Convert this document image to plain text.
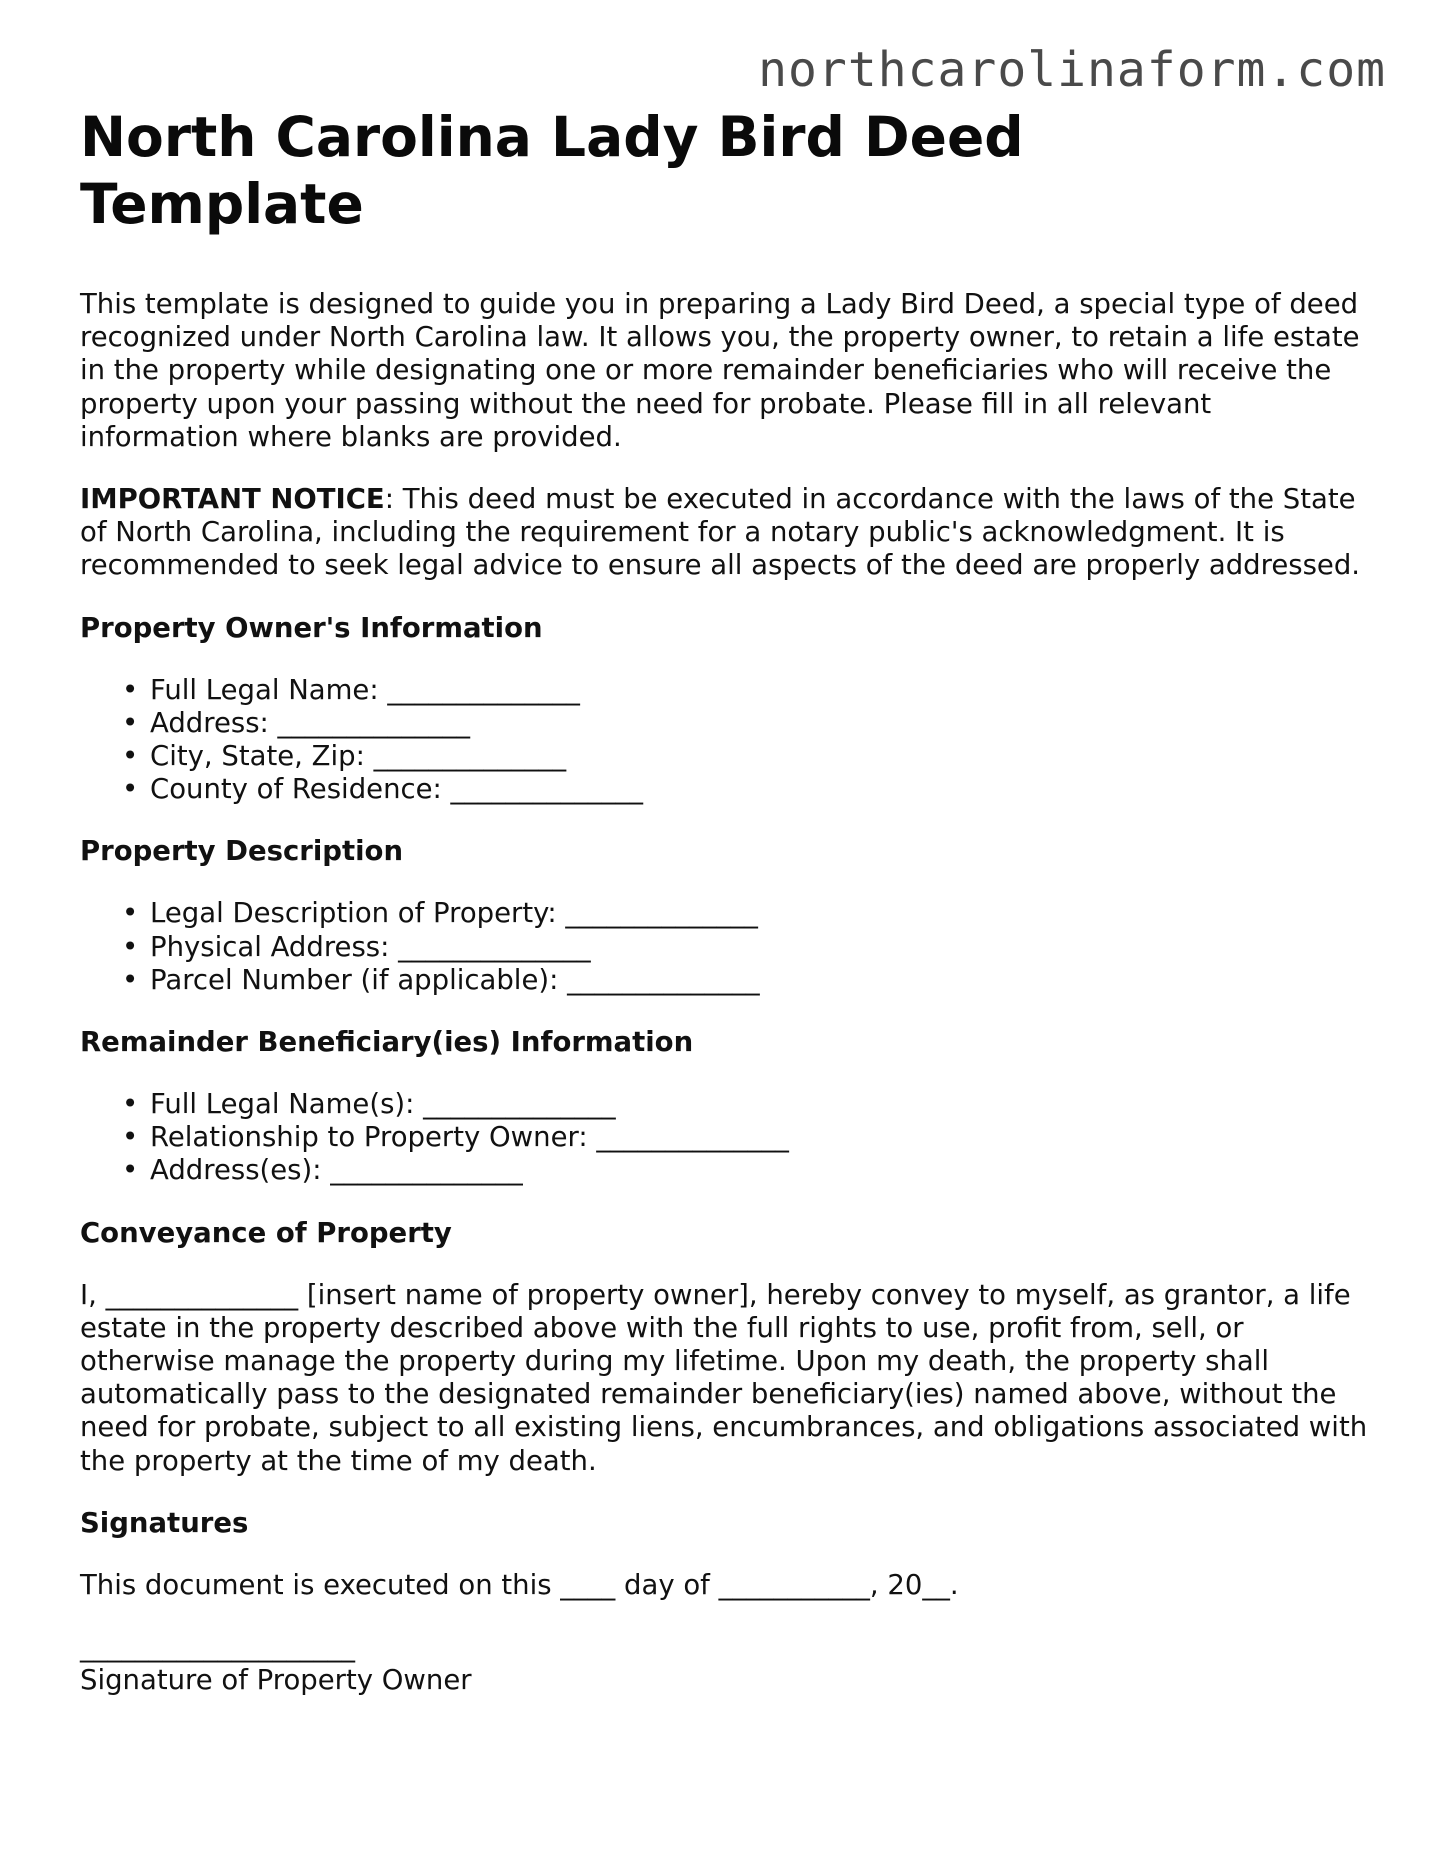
northcarolinaform.com
North Carolina Lady Bird Deed Template

This template is designed to guide you in preparing a Lady Bird Deed, a special type of deed recognized under North Carolina law. It allows you, the property owner, to retain a life estate in the property while designating one or more remainder beneficiaries who will receive the property upon your passing without the need for probate. Please fill in all relevant information where blanks are provided.

IMPORTANT NOTICE: This deed must be executed in accordance with the laws of the State of North Carolina, including the requirement for a notary public's acknowledgment. It is recommended to seek legal advice to ensure all aspects of the deed are properly addressed.

Property Owner's Information
• Full Legal Name: ______________
• Address: ______________
• City, State, Zip: ______________
• County of Residence: ______________
Property Description
• Legal Description of Property: ______________
• Physical Address: ______________
• Parcel Number (if applicable): ______________
Remainder Beneficiary(ies) Information
• Full Legal Name(s): ______________
• Relationship to Property Owner: ______________
• Address(es): ______________
Conveyance of Property

I, ______________ [insert name of property owner], hereby convey to myself, as grantor, a life estate in the property described above with the full rights to use, profit from, sell, or otherwise manage the property during my lifetime. Upon my death, the property shall automatically pass to the designated remainder beneficiary(ies) named above, without the need for probate, subject to all existing liens, encumbrances, and obligations associated with the property at the time of my death.

Signatures

This document is executed on this ____ day of ___________, 20__.

____________________

Signature of Property Owner
